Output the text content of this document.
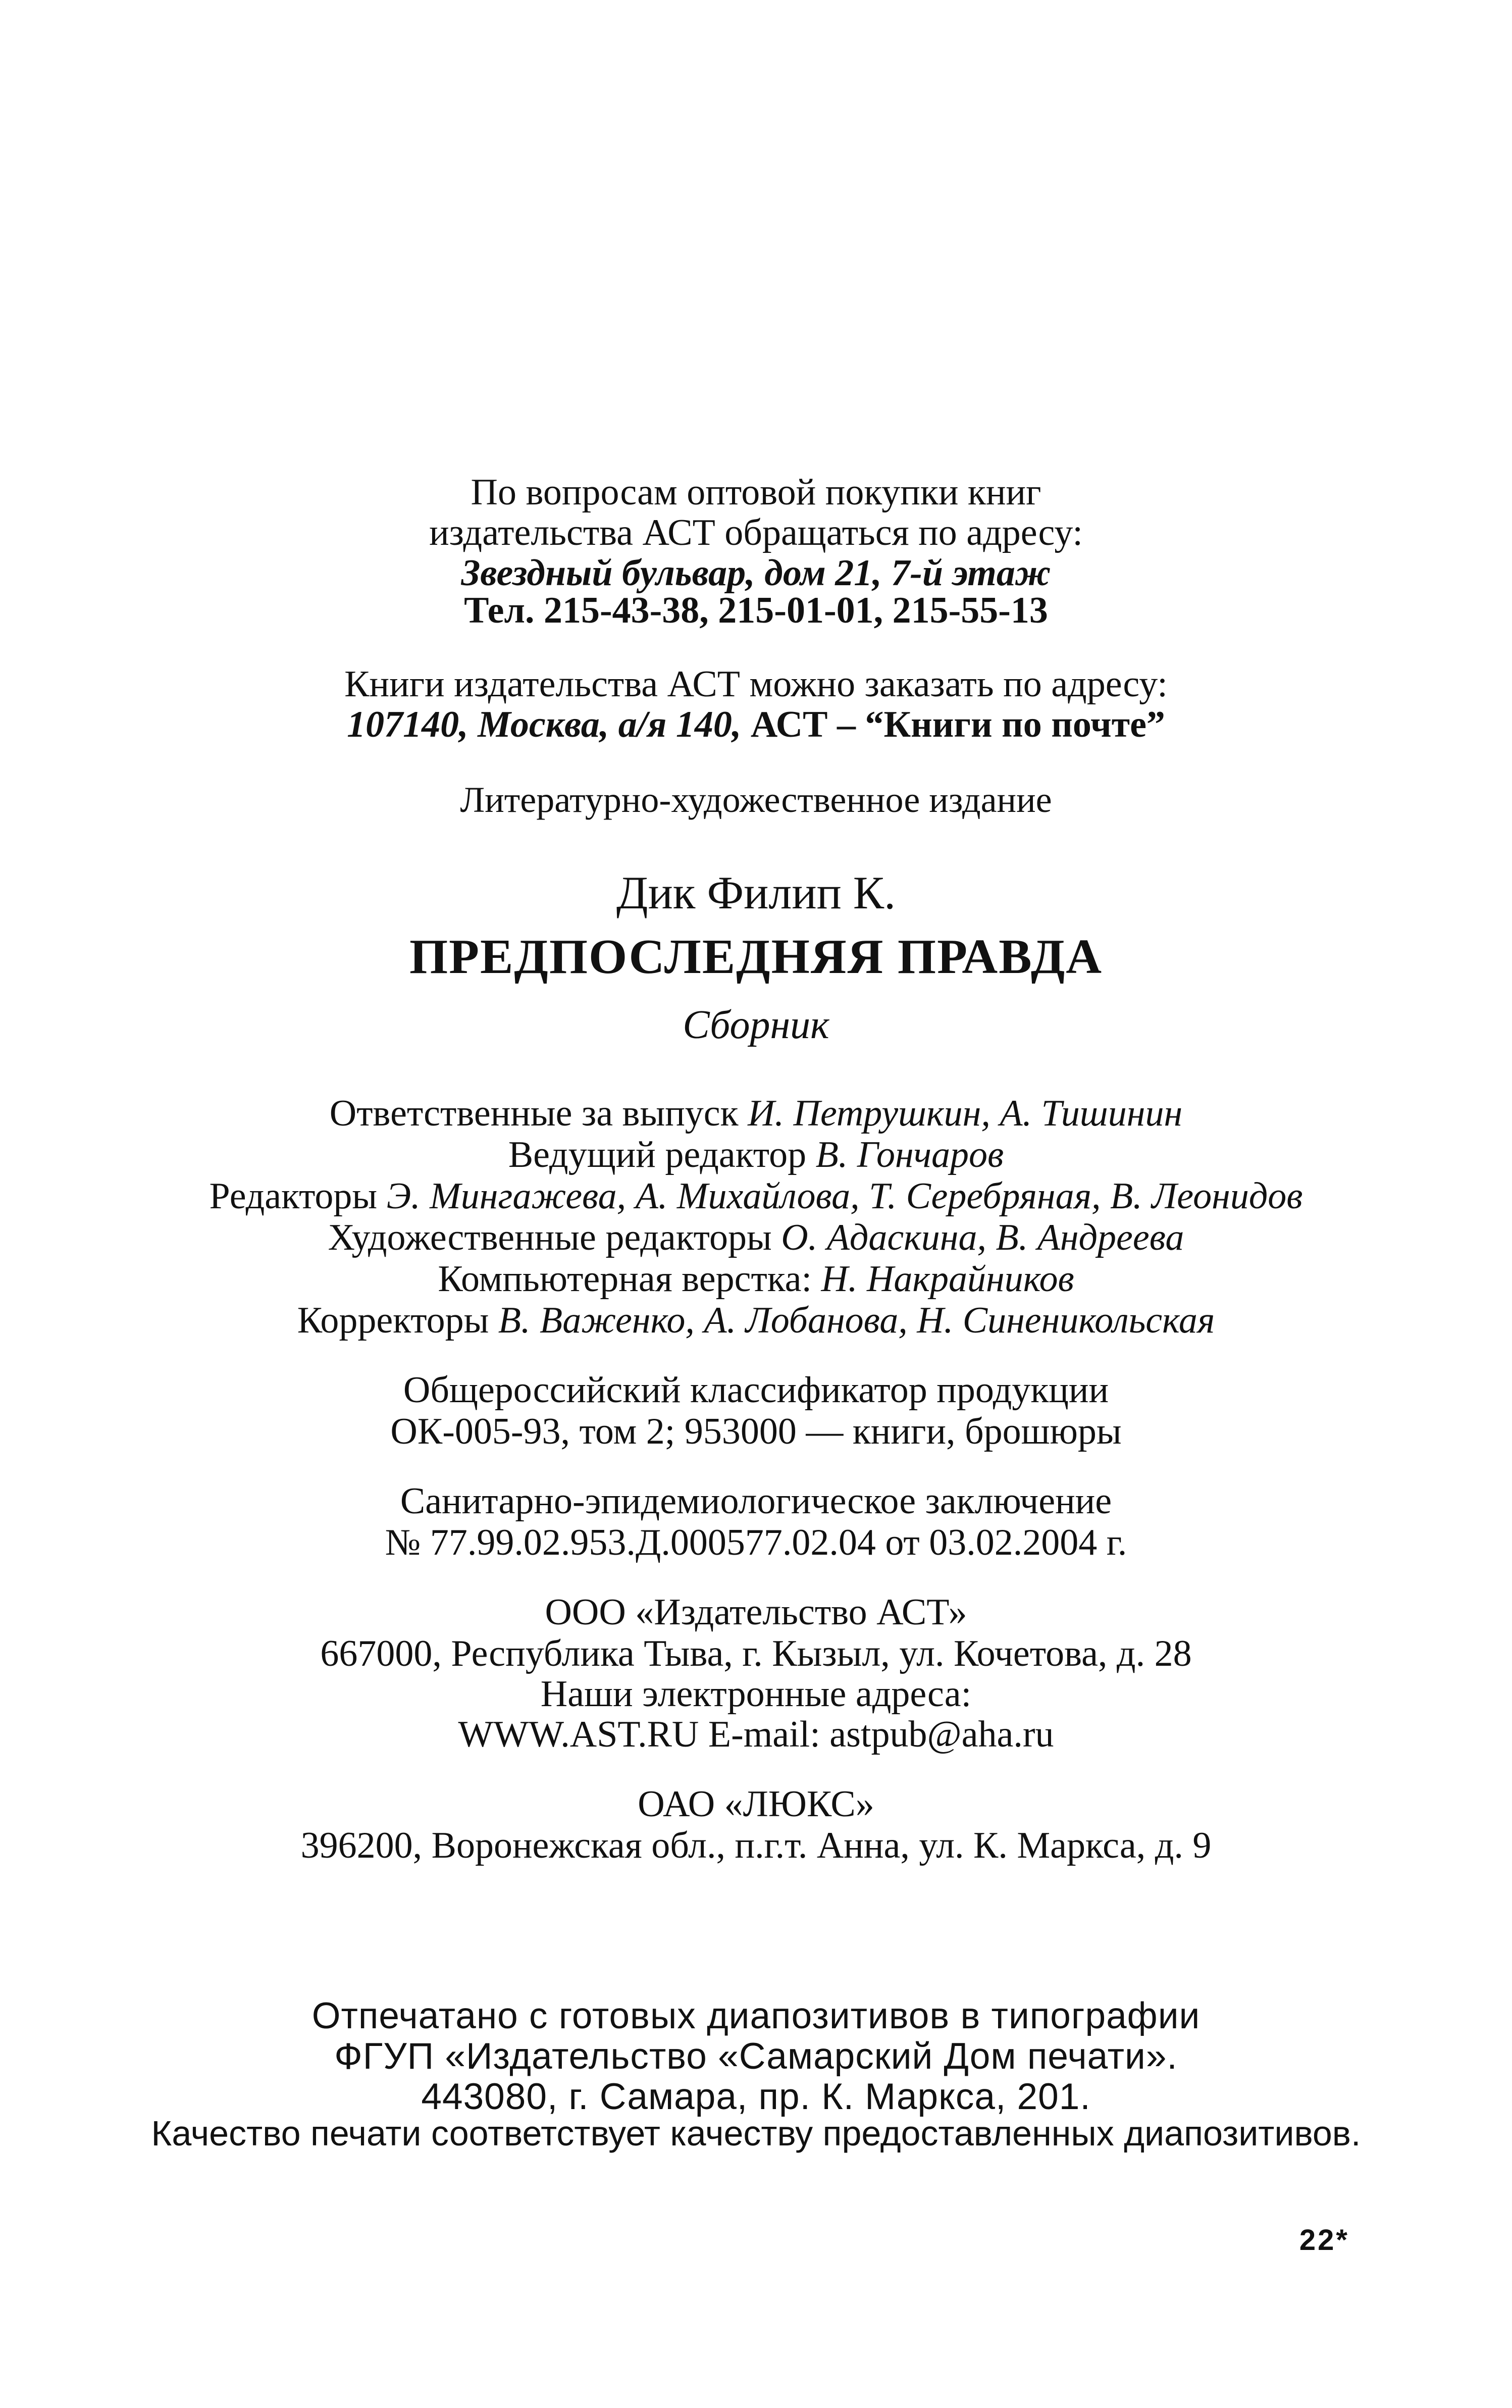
По вопросам оптовой покупки книг
издательства АСТ обращаться по адресу:
Звездный бульвар, дом 21, 7-й этаж
Тел. 215-43-38, 215-01-01, 215-55-13
Книги издательства АСТ можно заказать по адресу:
107140, Москва, а/я 140, АСТ – “Книги по почте”
Литературно-художественное издание
Дик Филип К.
ПРЕДПОСЛЕДНЯЯ ПРАВДА
Сборник
Ответственные за выпуск И. Петрушкин, А. Тишинин
Ведущий редактор В. Гончаров
Редакторы Э. Мингажева, А. Михайлова, Т. Серебряная, В. Леонидов
Художественные редакторы О. Адаскина, В. Андреева
Компьютерная верстка: Н. Накрайников
Корректоры В. Важенко, А. Лобанова, Н. Синеникольская
Общероссийский классификатор продукции
ОК-005-93, том 2; 953000 — книги, брошюры
Санитарно-эпидемиологическое заключение
№ 77.99.02.953.Д.000577.02.04 от 03.02.2004 г.
ООО «Издательство АСТ»
667000, Республика Тыва, г. Кызыл, ул. Кочетова, д. 28
Наши электронные адреса:
WWW.AST.RU E-mail: astpub@aha.ru
ОАО «ЛЮКС»
396200, Воронежская обл., п.г.т. Анна, ул. К. Маркса, д. 9
Отпечатано с готовых диапозитивов в типографии
ФГУП «Издательство «Самарский Дом печати».
443080, г. Самара, пр. К. Маркса, 201.
Качество печати соответствует качеству предоставленных диапозитивов.
22*
